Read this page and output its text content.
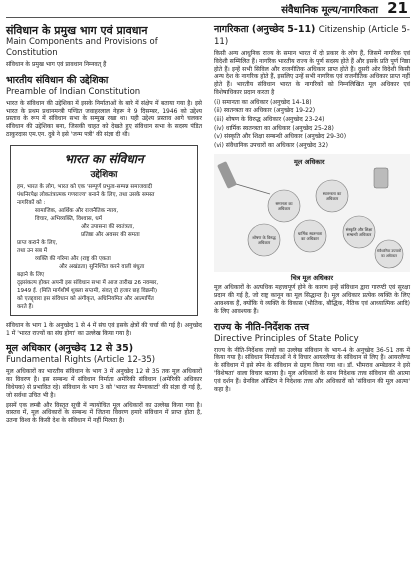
संवैधानिक मूल्य/नागरिकता 21
संविधान के प्रमुख भाग एवं प्रावधान
Main Components and Provisions of Constitution
संविधान के प्रमुख भाग एवं प्रावधान निम्नवत् हैं
भारतीय संविधान की उद्देशिका
Preamble of Indian Constitution
भारत के संविधान की उद्देशिका में इसके निर्माताओं के बारे में संक्षेप में बताया गया है। इसे भारत के प्रथम प्रधानमन्त्री पण्डित जवाहरलाल नेहरू ने 9 दिसम्बर, 1946 को उद्देश्य प्रस्ताव के रूप में संविधान सभा के सम्मुख रखा था। यही उद्देश्य प्रस्ताव आगे चलकर संविधान की उद्देशिका बना, जिसकी चाहत को देखते हुए संविधान सभा के सदस्य पंडित ठाकुरदास एम.एन. दुबे ने इसे 'जन्म पत्री' की संज्ञा दी थी।
भारत का संविधान
उद्देशिका
हम, भारत के लोग, भारत को एक 'सम्पूर्ण प्रभुत्व-सम्पन्न समाजवादी
पंथनिरपेक्ष लोकतंत्रात्मक गणराज्य' बनाने के लिए, तथा उसके समस्त
नागरिकों को :
सामाजिक, आर्थिक और राजनैतिक न्याय,
विचार, अभिव्यक्ति, विश्वास, धर्म
और उपासना की स्वतंत्रता,
प्रतिष्ठा और अवसर की समता
प्राप्त कराने के लिए,
तथा उन सब में
व्यक्ति की गरिमा और (राष्ट्र की एकता
और अखंडता) सुनिश्चित करने वाली बंधुता
बढ़ाने के लिए
दृढ़संकल्प होकर अपनी इस संविधान सभा में आज तारीख 26 नवम्बर,
1949 ई. (मिति मार्गशीर्ष शुक्ला सप्तमी, संवत् दो हजार छह विक्रमी)
को एतद्द्वारा इस संविधान को अंगीकृत, अधिनियमित और आत्मार्पित
करते हैं।
संविधान के भाग 1 के अनुच्छेद 1 से 4 में संघ एवं इसके क्षेत्रों की चर्चा की गई है। अनुच्छेद 1 में 'भारत राज्यों का संघ होगा' का उल्लेख किया गया है।
मूल अधिकार (अनुच्छेद 12 से 35)
Fundamental Rights (Article 12-35)
मूल अधिकारों का भारतीय संविधान के भाग 3 में अनुच्छेद 12 से 35 तक मूल अधिकारों का विवरण है। इस सम्बन्ध में संविधान निर्माता अमेरिकी संविधान (अमेरिकी अधिकार विधेयक) से प्रभावित रहे। संविधान के भाग 3 को 'भारत का मैग्नाकार्टा' की संज्ञा दी गई है, जो सर्वथा उचित भी है।
इसमें एक लम्बी और विस्तृत सूची में न्यायोचित मूल अधिकारों का उल्लेख किया गया है। वास्तव में, मूल अधिकारों के सम्बन्ध में जितना विवरण हमारे संविधान में प्राप्त होता है, उतना विश्व के किसी देश के संविधान में नहीं मिलता है।
नागरिकता (अनुच्छेद 5-11) Citizenship (Article 5-11)
किसी अन्य आधुनिक राज्य के समान भारत में दो प्रकार के लोग हैं, जिसमें नागरिक एवं विदेशी सम्मिलित हैं। नागरिक भारतीय राज्य के पूर्ण सदस्य होते हैं और इसके प्रति पूर्ण निष्ठा होते हैं। इन्हें सभी सिविल और राजनीतिक अधिकार प्राप्त होते हैं। दूसरी ओर विदेशी किसी अन्य देश के नागरिक होते हैं, इसलिए उन्हें सभी नागरिक एवं राजनीतिक अधिकार प्राप्त नहीं होते हैं। भारतीय संविधान भारत के नागरिकों को निम्नलिखित मूल अधिकार एवं विशेषाधिकार प्रदान करता है
(i) समानता का अधिकार (अनुच्छेद 14-18)
(ii) स्वतन्त्रता का अधिकार (अनुच्छेद 19-22)
(iii) शोषण के विरुद्ध अधिकार (अनुच्छेद 23-24)
(iv) धार्मिक स्वतन्त्रता का अधिकार (अनुच्छेद 25-28)
(v) संस्कृति और शिक्षा सम्बन्धी अधिकार (अनुच्छेद 29-30)
(vi) संवैधानिक उपचारों का अधिकार (अनुच्छेद 32)
मूल अधिकार
समानता का अधिकार
स्वतन्त्रता का अधिकार
शोषण के विरुद्ध अधिकार
धार्मिक स्वतन्त्रता का अधिकार
संस्कृति और शिक्षा सम्बन्धी अधिकार
संवैधानिक उपचारों का अधिकार
चित्र मूल अधिकार
मूल अधिकारों के अत्यधिक महत्त्वपूर्ण होने के कारण इन्हें संविधान द्वारा गारण्टी एवं सुरक्षा प्रदान की गई है, जो राष्ट्र कानून का मूल सिद्धान्त है। मूल अधिकार प्रत्येक व्यक्ति के लिए आवश्यक हैं, क्योंकि ये व्यक्ति के विकास (भौतिक, बौद्धिक, नैतिक एवं आध्यात्मिक आदि) के लिए आवश्यक हैं।
राज्य के नीति-निर्देशक तत्त्व
Directive Principles of State Policy
राज्य के नीति-निर्देशक तत्त्वों का उल्लेख संविधान के भाग-4 के अनुच्छेद 36-51 तक में किया गया है। संविधान निर्माताओं ने ये विचार आयरलैण्ड के संविधान से लिए हैं। आयरलैण्ड के संविधान में इसे स्पेन के संविधान से ग्रहण किया गया था। डॉ. भीमराव अम्बेडकर ने इसे 'विशेषता' वाला विचार बताया है। मूल अधिकारों के साथ निदेशक तत्त्व संविधान की आत्मा एवं दर्शन हैं। ग्रेनविल ऑस्टिन ने निदेशक तत्त्व और अधिकारों को 'संविधान की मूल आत्मा' कहा है।
